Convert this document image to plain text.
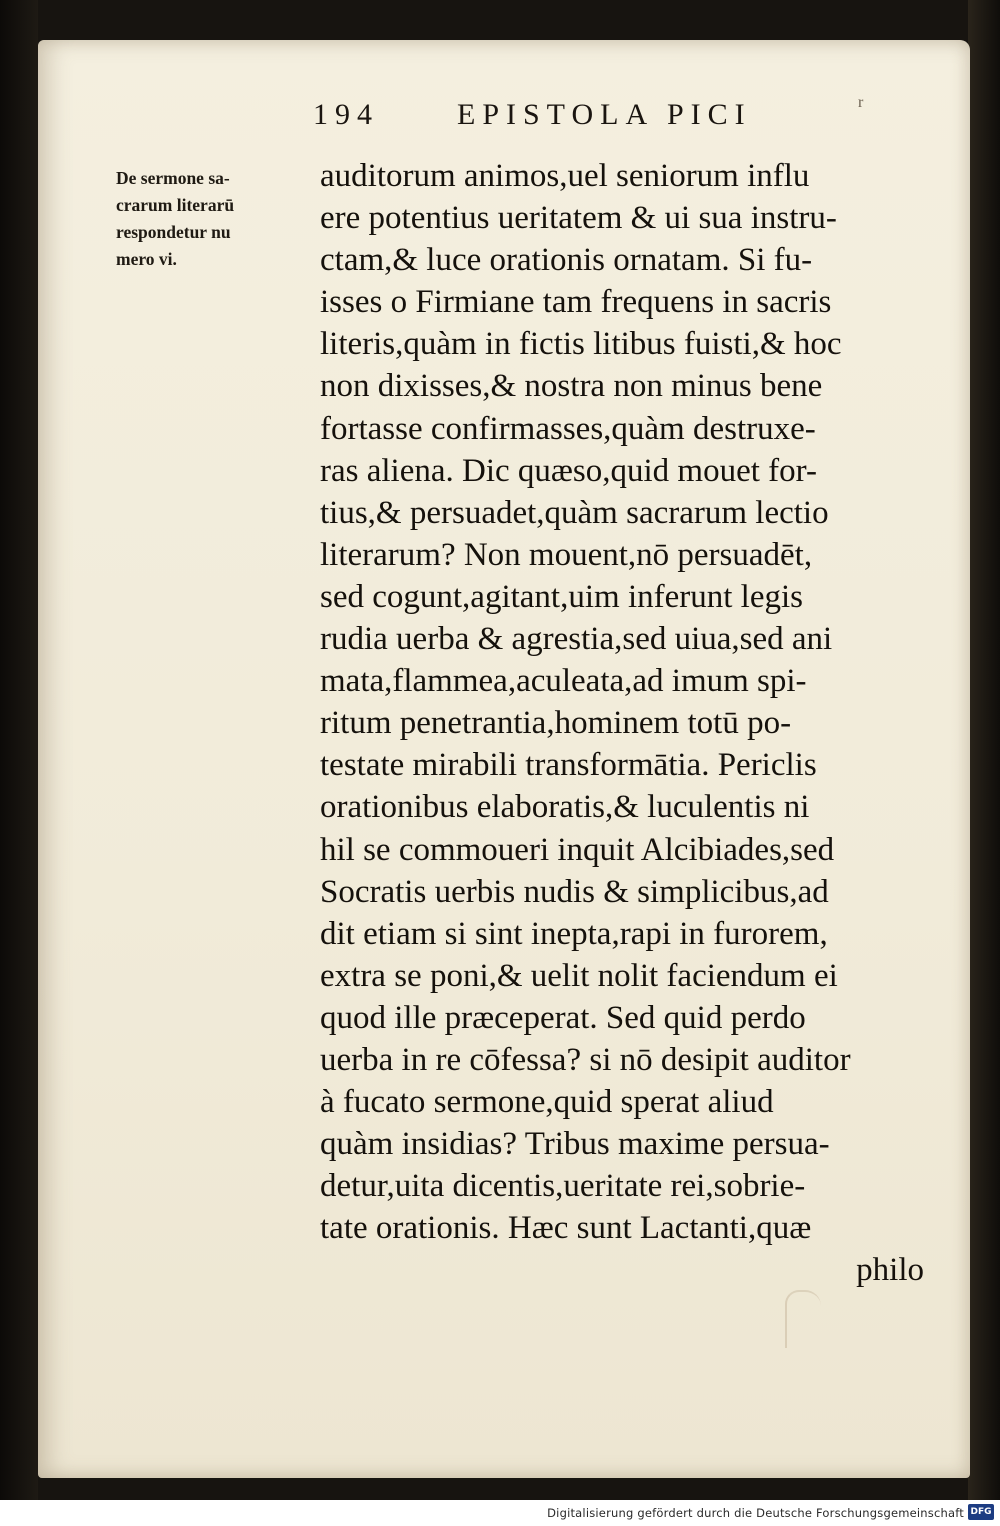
194	EPISTOLA PICI	r
De sermone sa-
crarum literarū
respondetur nu
mero vi.
auditorum animos,uel seniorum influ
ere potentius ueritatem & ui sua instru-
ctam,& luce orationis ornatam. Si fu-
isses o Firmiane tam frequens in sacris
literis,quàm in fictis litibus fuisti,& hoc
non dixisses,& nostra non minus bene
fortasse confirmasses,quàm destruxe-
ras aliena. Dic quæso,quid mouet for-
tius,& persuadet,quàm sacrarum lectio
literarum? Non mouent,nō persuadēt,
sed cogunt,agitant,uim inferunt legis
rudia uerba & agrestia,sed uiua,sed ani
mata,flammea,aculeata,ad imum spi-
ritum penetrantia,hominem totū po-
testate mirabili transformātia. Periclis
orationibus elaboratis,& luculentis ni
hil se commoueri inquit Alcibiades,sed
Socratis uerbis nudis & simplicibus,ad
dit etiam si sint inepta,rapi in furorem,
extra se poni,& uelit nolit faciendum ei
quod ille præceperat. Sed quid perdo
uerba in re cōfessa? si nō desipit auditor
à fucato sermone,quid sperat aliud
quàm insidias? Tribus maxime persua-
detur,uita dicentis,ueritate rei,sobrie-
tate orationis. Hæc sunt Lactanti,quæ
philo
Digitalisierung gefördert durch die Deutsche Forschungsgemeinschaft DFG
